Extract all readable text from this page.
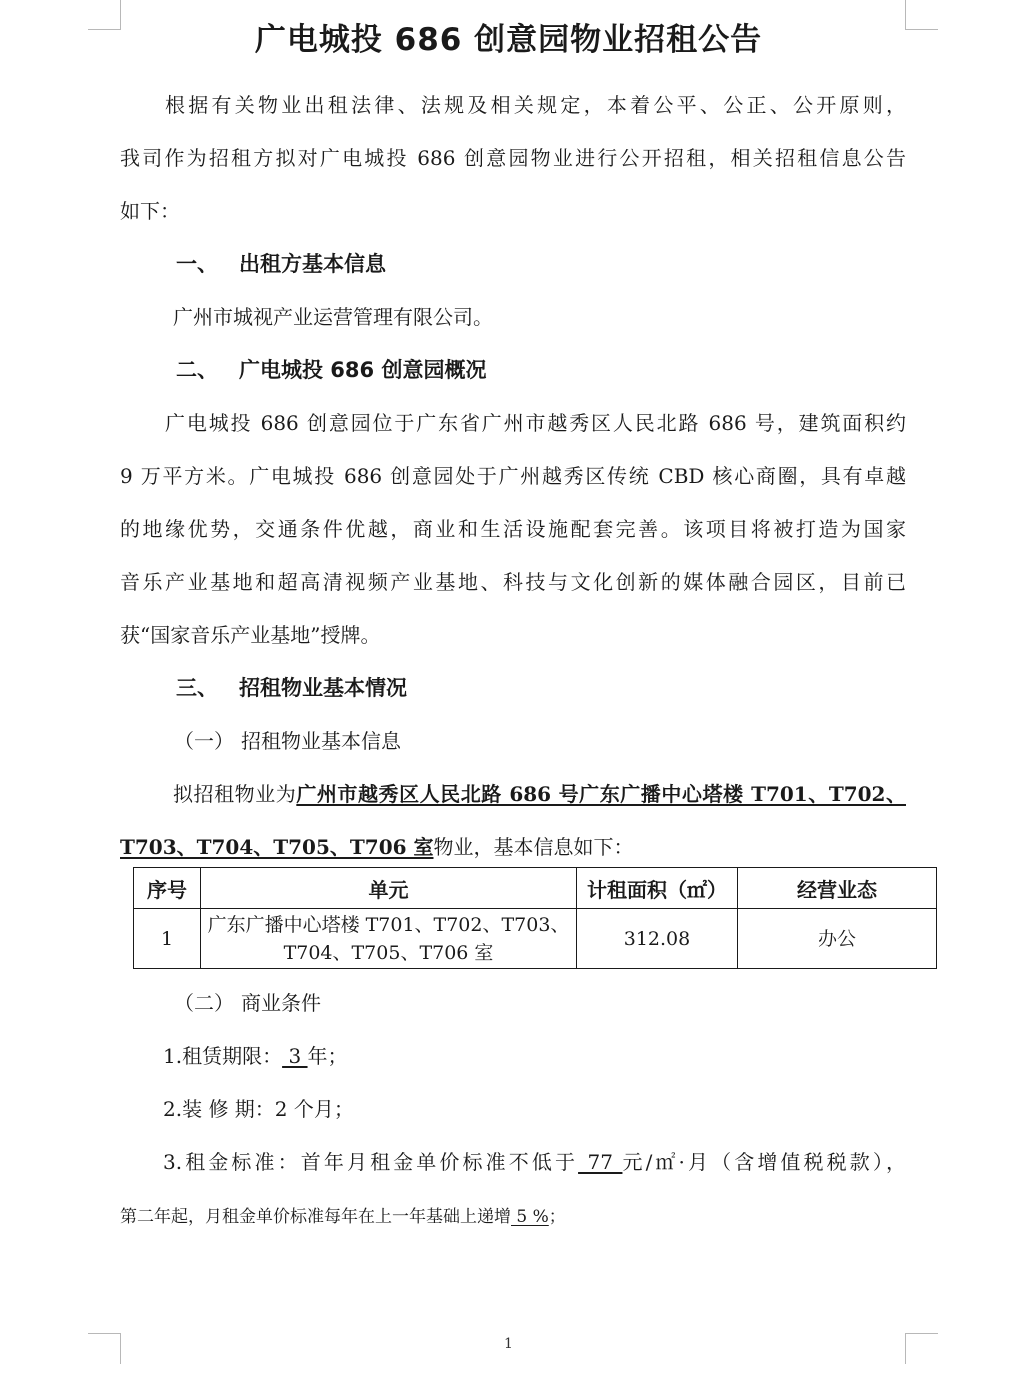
广电城投 686 创意园物业招租公告
根据有关物业出租法律、法规及相关规定，本着公平、公正、公开原则，
我司作为招租方拟对广电城投 686 创意园物业进行公开招租，相关招租信息公告
如下：
一、 出租方基本信息
广州市城视产业运营管理有限公司。
二、 广电城投 686 创意园概况
广电城投 686 创意园位于广东省广州市越秀区人民北路 686 号，建筑面积约
9 万平方米。广电城投 686 创意园处于广州越秀区传统 CBD 核心商圈，具有卓越
的地缘优势，交通条件优越，商业和生活设施配套完善。该项目将被打造为国家
音乐产业基地和超高清视频产业基地、科技与文化创新的媒体融合园区，目前已
获“国家音乐产业基地”授牌。
三、 招租物业基本情况
（一） 招租物业基本信息
拟招租物业为广州市越秀区人民北路 686 号广东广播中心塔楼 T701、T702、
T703、T704、T705、T706 室物业，基本信息如下：
序号	单元	计租面积（㎡）	经营业态
1	广东广播中心塔楼 T701、T702、T703、
T704、T705、T706 室	312.08	办公
（二） 商业条件
1.租赁期限： 3 年；
2.装 修 期：2 个月；
3.租金标准：首年月租金单价标准不低于 77 元/㎡·月（含增值税税款），
第二年起，月租金单价标准每年在上一年基础上递增 5 %；
1
